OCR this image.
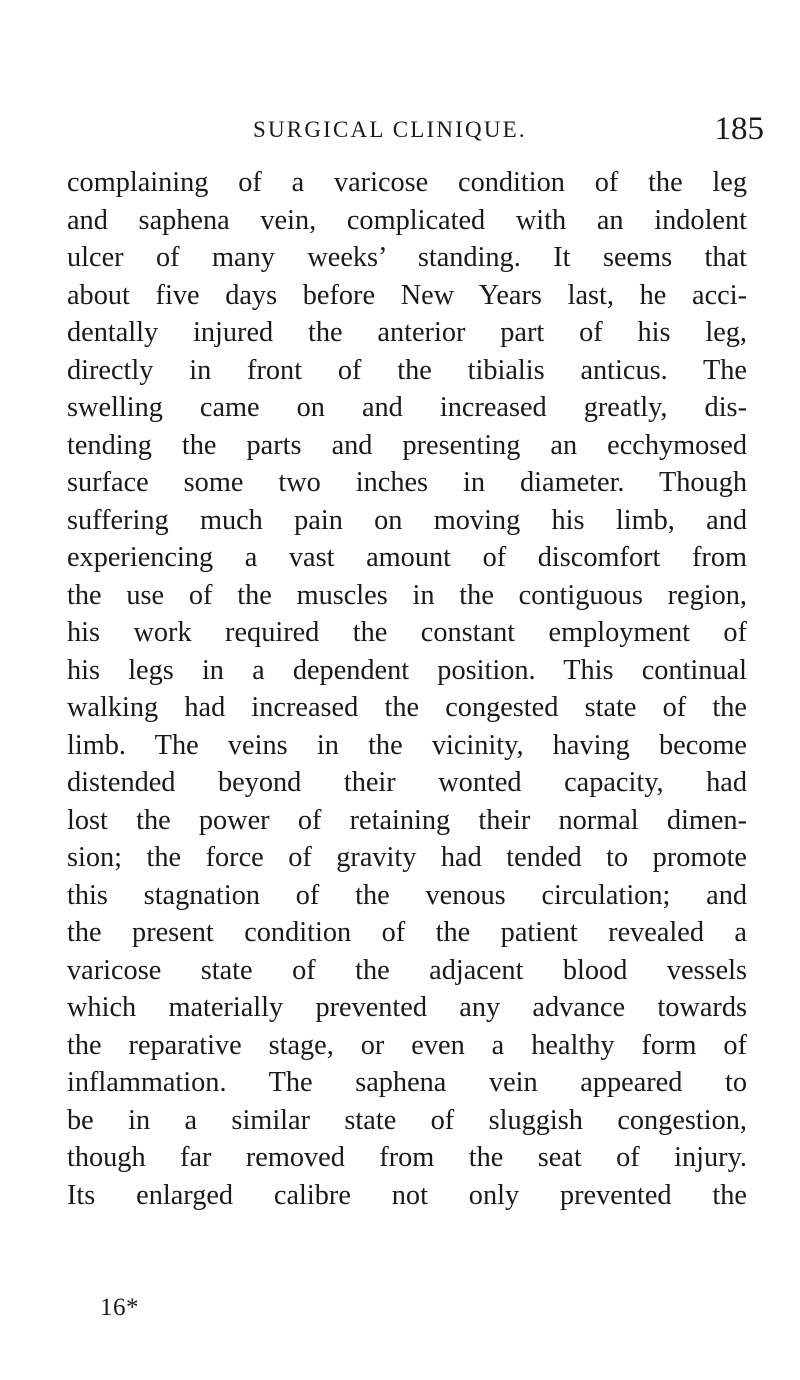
SURGICAL CLINIQUE.	185
complaining of a varicose condition of the leg
and saphena vein, complicated with an indolent
ulcer of many weeks’ standing. It seems that
about five days before New Years last, he acci-
dentally injured the anterior part of his leg,
directly in front of the tibialis anticus. The
swelling came on and increased greatly, dis-
tending the parts and presenting an ecchymosed
surface some two inches in diameter. Though
suffering much pain on moving his limb, and
experiencing a vast amount of discomfort from
the use of the muscles in the contiguous region,
his work required the constant employment of
his legs in a dependent position. This continual
walking had increased the congested state of the
limb. The veins in the vicinity, having become
distended beyond their wonted capacity, had
lost the power of retaining their normal dimen-
sion; the force of gravity had tended to promote
this stagnation of the venous circulation; and
the present condition of the patient revealed a
varicose state of the adjacent blood vessels
which materially prevented any advance towards
the reparative stage, or even a healthy form of
inflammation. The saphena vein appeared to
be in a similar state of sluggish congestion,
though far removed from the seat of injury.
Its enlarged calibre not only prevented the
16*
